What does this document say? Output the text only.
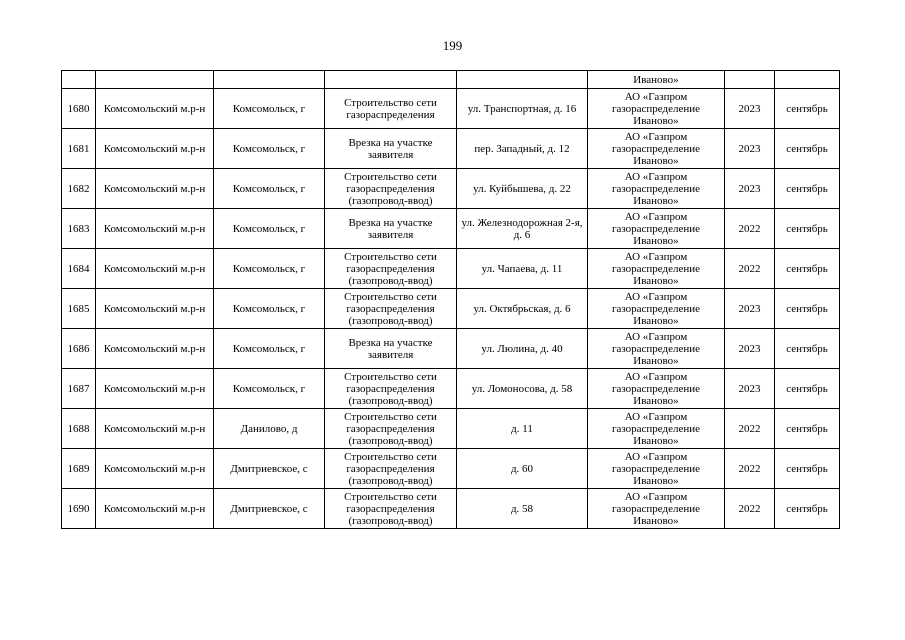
199
					Иваново»		
1680	Комсомольский м.р-н	Комсомольск, г	Строительство сети газораспределения	ул. Транспортная, д. 16	АО «Газпром газораспределение Иваново»	2023	сентябрь
1681	Комсомольский м.р-н	Комсомольск, г	Врезка на участке заявителя	пер. Западный, д. 12	АО «Газпром газораспределение Иваново»	2023	сентябрь
1682	Комсомольский м.р-н	Комсомольск, г	Строительство сети газораспределения (газопровод-ввод)	ул. Куйбышева, д. 22	АО «Газпром газораспределение Иваново»	2023	сентябрь
1683	Комсомольский м.р-н	Комсомольск, г	Врезка на участке заявителя	ул. Железнодорожная 2-я, д. 6	АО «Газпром газораспределение Иваново»	2022	сентябрь
1684	Комсомольский м.р-н	Комсомольск, г	Строительство сети газораспределения (газопровод-ввод)	ул. Чапаева, д. 11	АО «Газпром газораспределение Иваново»	2022	сентябрь
1685	Комсомольский м.р-н	Комсомольск, г	Строительство сети газораспределения (газопровод-ввод)	ул. Октябрьская, д. 6	АО «Газпром газораспределение Иваново»	2023	сентябрь
1686	Комсомольский м.р-н	Комсомольск, г	Врезка на участке заявителя	ул. Люлина, д. 40	АО «Газпром газораспределение Иваново»	2023	сентябрь
1687	Комсомольский м.р-н	Комсомольск, г	Строительство сети газораспределения (газопровод-ввод)	ул. Ломоносова, д. 58	АО «Газпром газораспределение Иваново»	2023	сентябрь
1688	Комсомольский м.р-н	Данилово, д	Строительство сети газораспределения (газопровод-ввод)	д. 11	АО «Газпром газораспределение Иваново»	2022	сентябрь
1689	Комсомольский м.р-н	Дмитриевское, с	Строительство сети газораспределения (газопровод-ввод)	д. 60	АО «Газпром газораспределение Иваново»	2022	сентябрь
1690	Комсомольский м.р-н	Дмитриевское, с	Строительство сети газораспределения (газопровод-ввод)	д. 58	АО «Газпром газораспределение Иваново»	2022	сентябрь
